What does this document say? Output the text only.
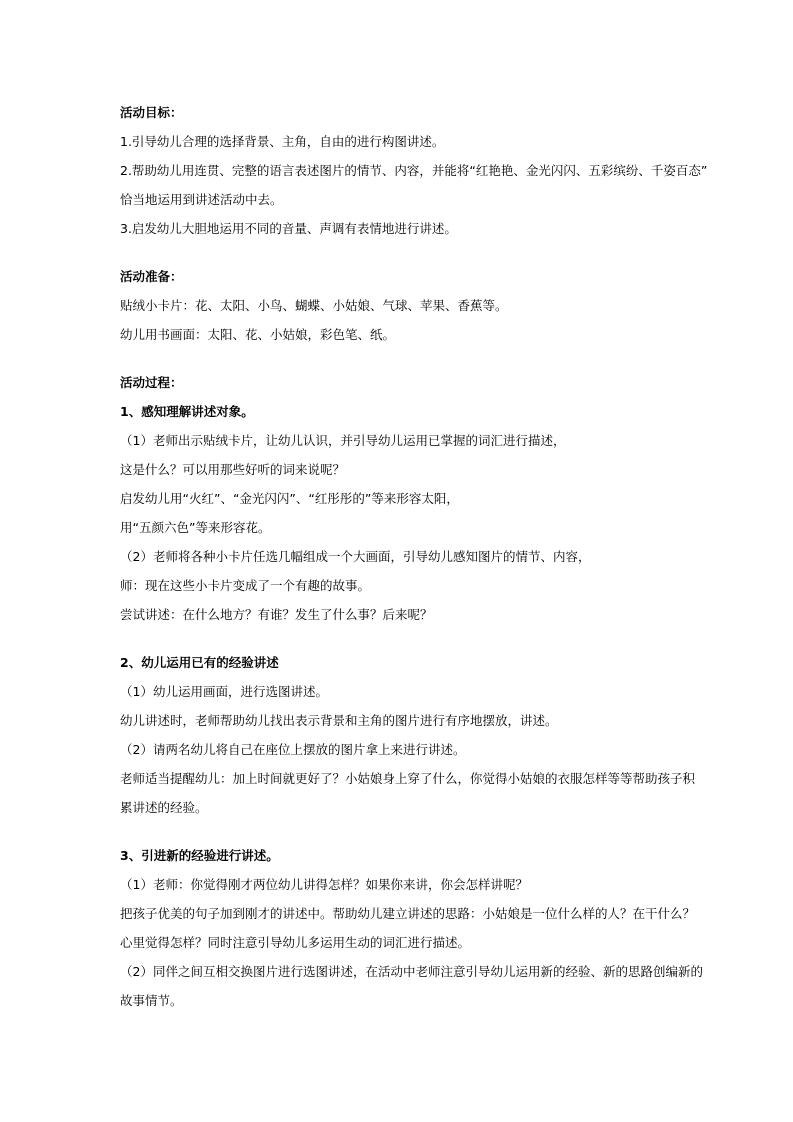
活动目标：
1.引导幼儿合理的选择背景、主角，自由的进行构图讲述。
2.帮助幼儿用连贯、完整的语言表述图片的情节、内容，并能将“红艳艳、金光闪闪、五彩缤纷、千姿百态”
恰当地运用到讲述活动中去。
3.启发幼儿大胆地运用不同的音量、声调有表情地进行讲述。
活动准备：
贴绒小卡片：花、太阳、小鸟、蝴蝶、小姑娘、气球、苹果、香蕉等。
幼儿用书画面：太阳、花、小姑娘，彩色笔、纸。
活动过程：
1、感知理解讲述对象。
（1）老师出示贴绒卡片，让幼儿认识，并引导幼儿运用已掌握的词汇进行描述，
这是什么？可以用那些好听的词来说呢？
启发幼儿用“火红”、“金光闪闪”、“红彤彤的”等来形容太阳，
用“五颜六色”等来形容花。
（2）老师将各种小卡片任选几幅组成一个大画面，引导幼儿感知图片的情节、内容，
师：现在这些小卡片变成了一个有趣的故事。
尝试讲述：在什么地方？有谁？发生了什么事？后来呢？
2、幼儿运用已有的经验讲述
（1）幼儿运用画面，进行选图讲述。
幼儿讲述时，老师帮助幼儿找出表示背景和主角的图片进行有序地摆放，讲述。
（2）请两名幼儿将自己在座位上摆放的图片拿上来进行讲述。
老师适当提醒幼儿：加上时间就更好了？小姑娘身上穿了什么，你觉得小姑娘的衣服怎样等等帮助孩子积
累讲述的经验。
3、引进新的经验进行讲述。
（1）老师：你觉得刚才两位幼儿讲得怎样？如果你来讲，你会怎样讲呢？
把孩子优美的句子加到刚才的讲述中。帮助幼儿建立讲述的思路：小姑娘是一位什么样的人？在干什么？
心里觉得怎样？同时注意引导幼儿多运用生动的词汇进行描述。
（2）同伴之间互相交换图片进行选图讲述，在活动中老师注意引导幼儿运用新的经验、新的思路创编新的
故事情节。
